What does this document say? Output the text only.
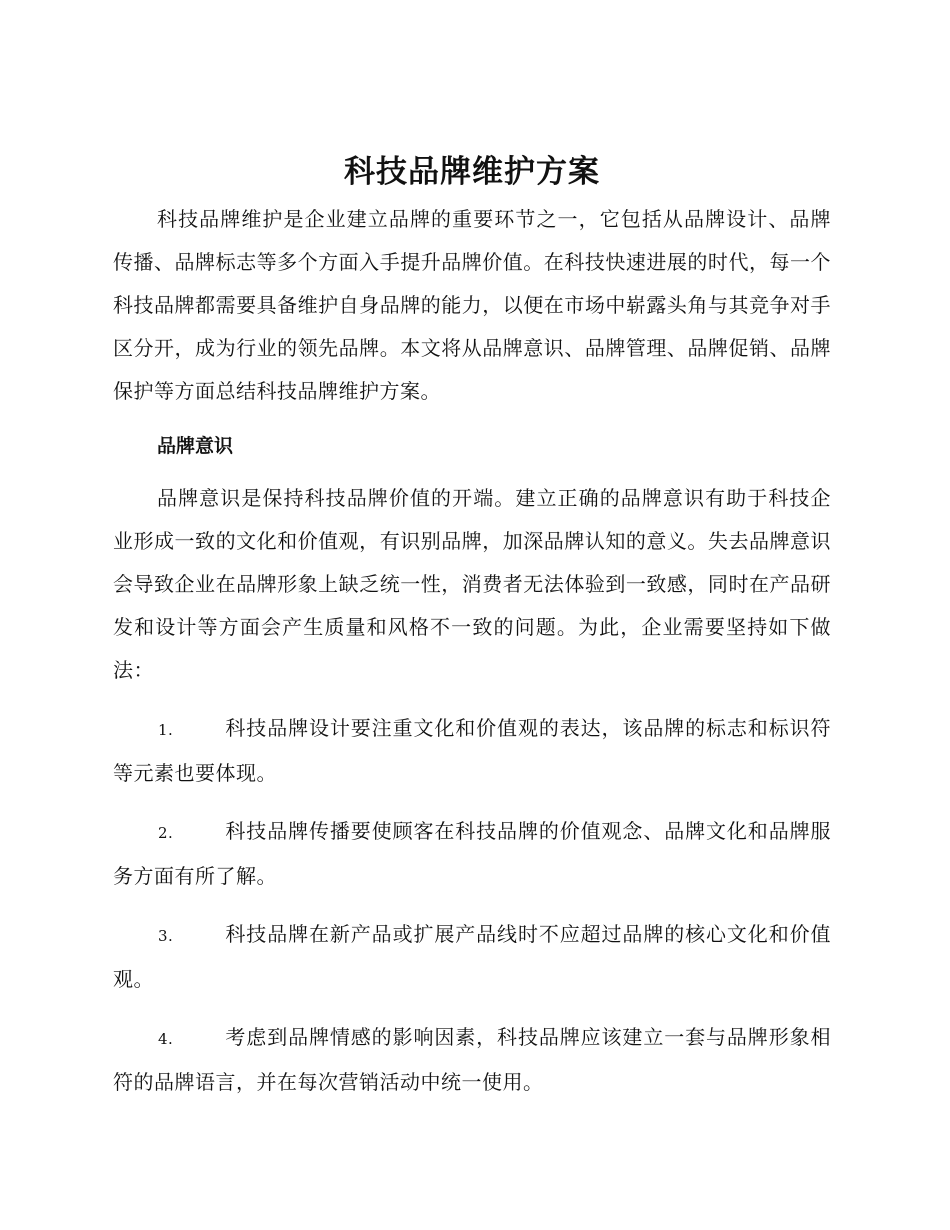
科技品牌维护方案

科技品牌维护是企业建立品牌的重要环节之一，它包括从品牌设计、品牌传播、品牌标志等多个方面入手提升品牌价值。在科技快速进展的时代，每一个科技品牌都需要具备维护自身品牌的能力，以便在市场中崭露头角与其竞争对手区分开，成为行业的领先品牌。本文将从品牌意识、品牌管理、品牌促销、品牌保护等方面总结科技品牌维护方案。

品牌意识

品牌意识是保持科技品牌价值的开端。建立正确的品牌意识有助于科技企业形成一致的文化和价值观，有识别品牌，加深品牌认知的意义。失去品牌意识会导致企业在品牌形象上缺乏统一性，消费者无法体验到一致感，同时在产品研发和设计等方面会产生质量和风格不一致的问题。为此，企业需要坚持如下做法：

1.	科技品牌设计要注重文化和价值观的表达，该品牌的标志和标识符等元素也要体现。
2.	科技品牌传播要使顾客在科技品牌的价值观念、品牌文化和品牌服务方面有所了解。
3.	科技品牌在新产品或扩展产品线时不应超过品牌的核心文化和价值观。
4.	考虑到品牌情感的影响因素，科技品牌应该建立一套与品牌形象相符的品牌语言，并在每次营销活动中统一使用。
